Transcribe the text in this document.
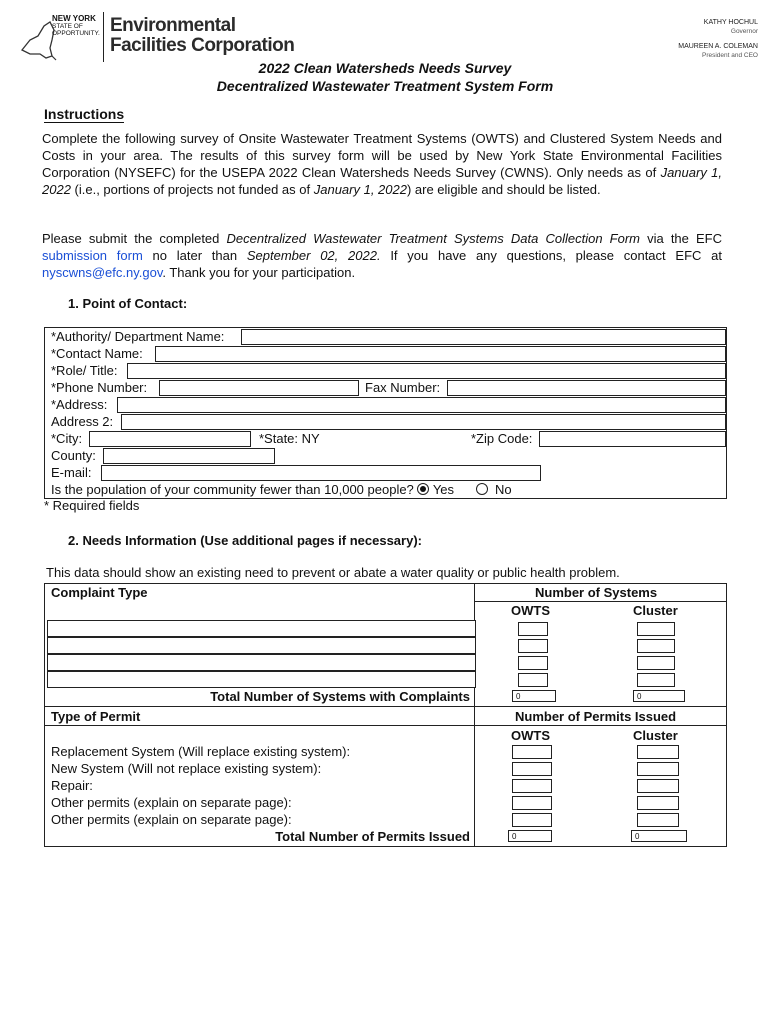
NEW YORK
STATE OF
OPPORTUNITY. Environmental
Facilities Corporation
KATHY HOCHUL
Governor
MAUREEN A. COLEMAN
President and CEO
2022 Clean Watersheds Needs Survey
Decentralized Wastewater Treatment System Form
Instructions
Complete the following survey of Onsite Wastewater Treatment Systems (OWTS) and Clustered System Needs and Costs in your area. The results of this survey form will be used by New York State Environmental Facilities Corporation (NYSEFC) for the USEPA 2022 Clean Watersheds Needs Survey (CWNS). Only needs as of January 1, 2022 (i.e., portions of projects not funded as of January 1, 2022) are eligible and should be listed.
Please submit the completed Decentralized Wastewater Treatment Systems Data Collection Form via the EFC submission form no later than September 02, 2022. If you have any questions, please contact EFC at nyscwns@efc.ny.gov. Thank you for your participation.
1. Point of Contact:
*Authority/ Department Name:
*Contact Name:
*Role/ Title:
*Phone Number:	Fax Number:
*Address:
Address 2:
*City:	*State: NY	*Zip Code:
County:
E-mail:
Is the population of your community fewer than 10,000 people? Yes	No
* Required fields
2. Needs Information (Use additional pages if necessary):
This data should show an existing need to prevent or abate a water quality or public health problem.
Complaint Type	Number of Systems
OWTS	Cluster
Total Number of Systems with Complaints	0	0
Type of Permit	Number of Permits Issued
OWTS	Cluster
Replacement System (Will replace existing system):
New System (Will not replace existing system):
Repair:
Other permits (explain on separate page):
Other permits (explain on separate page):
Total Number of Permits Issued	0	0
